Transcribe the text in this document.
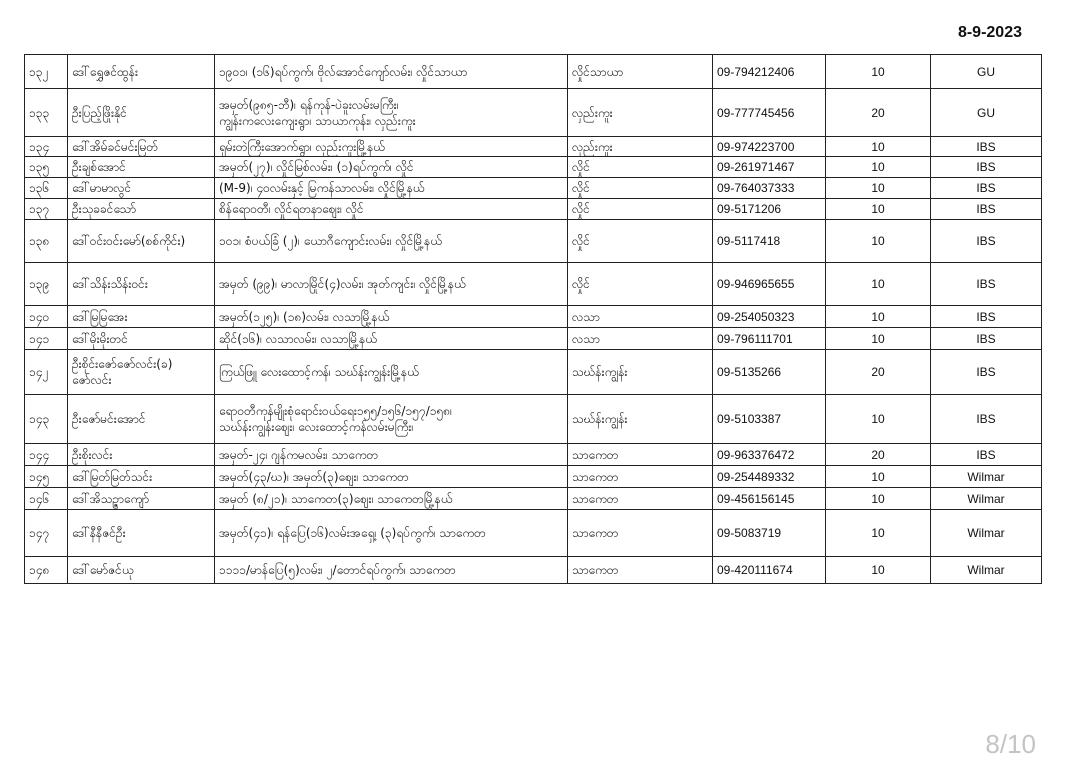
8-9-2023
၁၃၂	ဒေါ်ရွှေဇင်ထွန်း	၁၉၀၁၊ (၁၆)ရပ်ကွက်၊ ဗိုလ်အောင်ကျော်လမ်း၊ လှိုင်သာယာ	လှိုင်သာယာ	09-794212406	10	GU
၁၃၃	ဦးပြည့်ဖြိုးနိုင်	အမှတ်(၉၈၅-ဘီ)၊ ရန်ကုန်-ပဲခူးလမ်းမကြီး၊
ကျွန်းကလေးကျေးရွာ၊ သာယာကုန်း၊ လှည်းကူး	လှည်းကူး	09-777745456	20	GU
၁၃၄	ဒေါ်အိမ်ခင်မင်းမြတ်	ရှမ်းတဲကြီးအောက်ရွာ၊ လှည်းကူးမြို့နယ်	လှည်းကူး	09-974223700	10	IBS
၁၃၅	ဦးချစ်အောင်	အမှတ်(၂၇)၊ လှိုင်မြစ်လမ်း၊ (၁)ရပ်ကွက်၊ လှိုင်	လှိုင်	09-261971467	10	IBS
၁၃၆	ဒေါ်မာမာလွင်	(M-9)၊ ၄၀လမ်းနှင့် မြကန်သာလမ်း၊ လှိုင်မြို့နယ်	လှိုင်	09-764037333	10	IBS
၁၃၇	ဦးသုခခင်သော်	စိန်ရောဝတီ၊ လှိုင်ရတနာဈေး၊ လှိုင်	လှိုင်	09-5171206	10	IBS
၁၃၈	ဒေါ်ဝင်းဝင်းမော်(စစ်ကိုင်း)	၁၀၁၊ စံပယ်ခြံ (၂)၊ ယောဂီကျောင်းလမ်း၊ လှိုင်မြို့နယ်	လှိုင်	09-5117418	10	IBS
၁၃၉	ဒေါ်သိန်းသိန်းဝင်း	အမှတ် (၉၉)၊ မာလာမြိုင်(၄)လမ်း၊ အုတ်ကျင်း၊ လှိုင်မြို့နယ်	လှိုင်	09-946965655	10	IBS
၁၄၀	ဒေါ်မြမြအေး	အမှတ်(၁၂၅)၊ (၁၈)လမ်း၊ လသာမြို့နယ်	လသာ	09-254050323	10	IBS
၁၄၁	ဒေါ်မိုးမိုးတင်	ဆိုင်(၁၆)၊ လသာလမ်း၊ လသာမြို့နယ်	လသာ	09-796111701	10	IBS
၁၄၂	ဦးစိုင်းဇော်ဇော်လင်း(ခ)
ဇော်လင်း	ကြယ်ဖြူ လေးထောင့်ကန်၊ သဃ်န်းကျွန်းမြို့နယ်	သဃ်န်းကျွန်း	09-5135266	20	IBS
၁၄၃	ဦးဇော်မင်းအောင်	ရောဝတီကုန်မျိုးစုံရောင်းဝယ်ရေး၁၅၅/၁၅၆/၁၅၇/၁၅၈၊
သဃ်န်းကျွန်းဈေး၊ လေးထောင့်ကန်လမ်းမကြီး၊	သဃ်န်းကျွန်း	09-5103387	10	IBS
၁၄၄	ဦးစိုးလင်း	အမှတ်-၂၄၊ ဂျန်ကမလမ်း၊ သာကေတ	သာကေတ	09-963376472	20	IBS
၁၄၅	ဒေါ်မြတ်မြတ်သင်း	အမှတ်(၄၃/ဃ)၊ အမှတ်(၃)ဈေး၊ သာကေတ	သာကေတ	09-254489332	10	Wilmar
၁၄၆	ဒေါ်အိသဉ္ဇာကျော်	အမှတ် (၈/၂၁)၊ သာကေတ(၃)ဈေး၊ သာကေတမြို့နယ်	သာကေတ	09-456156145	10	Wilmar
၁၄၇	ဒေါ်နီနီဇင်ဦး	အမှတ်(၄၁)၊ ရန်ပြေ(၁၆)လမ်းအရှေ့၊ (၃)ရပ်ကွက်၊ သာကေတ	သာကေတ	09-5083719	10	Wilmar
၁၄၈	ဒေါ်မော်ဇင်ယု	၁၁၁၁/မာန်ပြေ(၅)လမ်း၊ ၂/တောင်ရပ်ကွက်၊ သာကေတ	သာကေတ	09-420111674	10	Wilmar
8/10
